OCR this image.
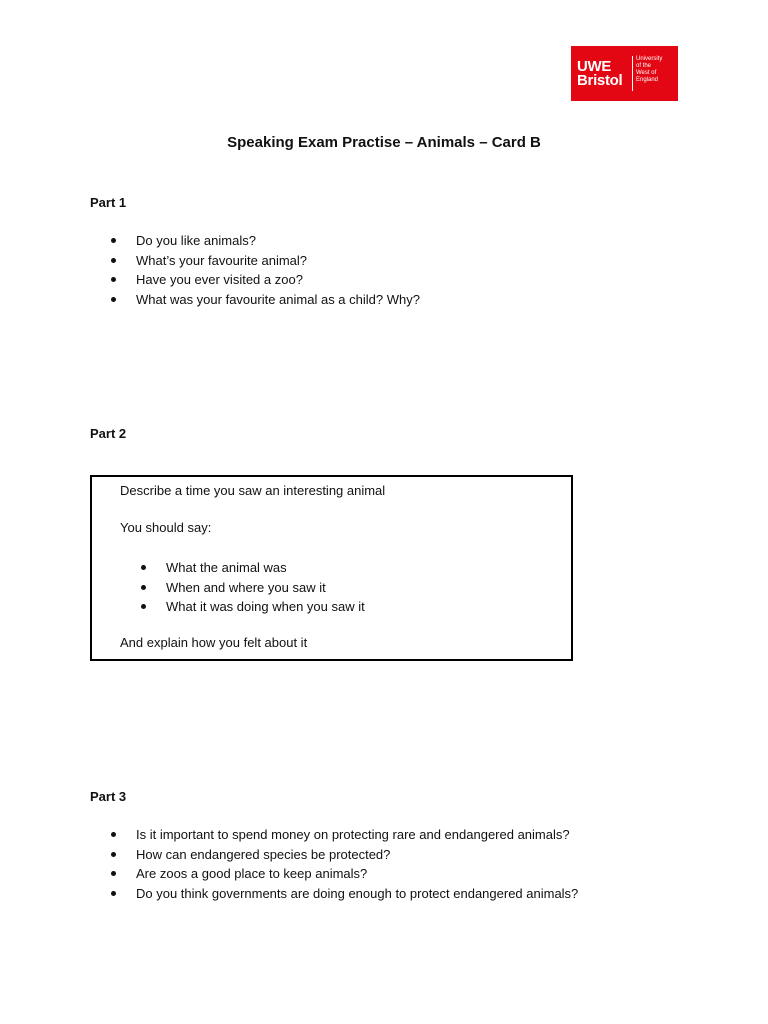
UWE
Bristol
University
of the
West of
England
Speaking Exam Practise – Animals – Card B
Part 1
Do you like animals?
What’s your favourite animal?
Have you ever visited a zoo?
What was your favourite animal as a child? Why?
Part 2

Describe a time you saw an interesting animal

You should say:

What the animal was
When and where you saw it
What it was doing when you saw it

And explain how you felt about it

Part 3
Is it important to spend money on protecting rare and endangered animals?
How can endangered species be protected?
Are zoos a good place to keep animals?
Do you think governments are doing enough to protect endangered animals?
